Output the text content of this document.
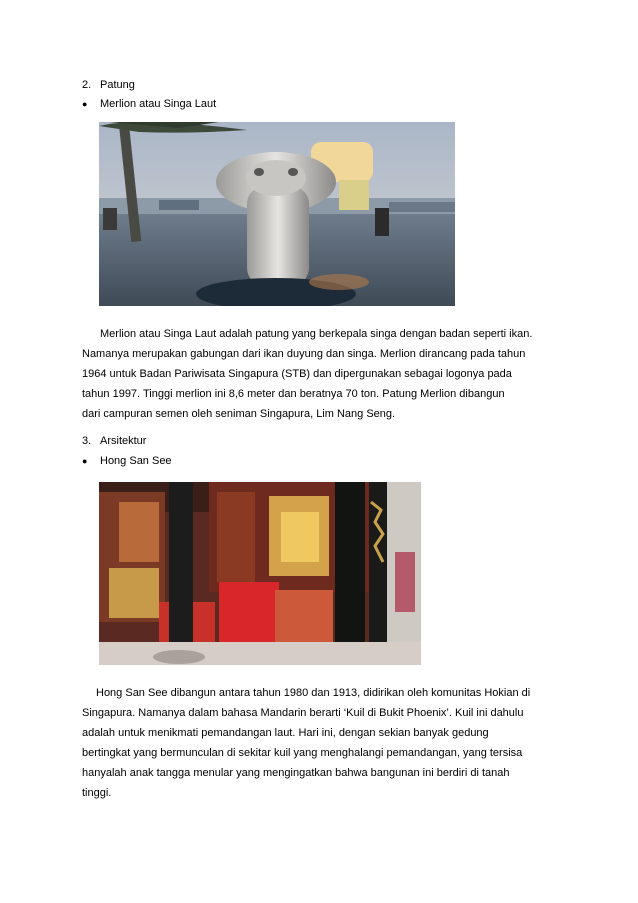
2. Patung
● Merlion atau Singa Laut
Merlion atau Singa Laut adalah patung yang berkepala singa dengan badan seperti ikan.
Namanya merupakan gabungan dari ikan duyung dan singa. Merlion dirancang pada tahun
1964 untuk Badan Pariwisata Singapura (STB) dan dipergunakan sebagai logonya pada
tahun 1997. Tinggi merlion ini 8,6 meter dan beratnya 70 ton. Patung Merlion dibangun
dari campuran semen oleh seniman Singapura, Lim Nang Seng.
3. Arsitektur
● Hong San See
Hong San See dibangun antara tahun 1980 dan 1913, didirikan oleh komunitas Hokian di
Singapura. Namanya dalam bahasa Mandarin berarti ‘Kuil di Bukit Phoenix’. Kuil ini dahulu
adalah untuk menikmati pemandangan laut. Hari ini, dengan sekian banyak gedung
bertingkat yang bermunculan di sekitar kuil yang menghalangi pemandangan, yang tersisa
hanyalah anak tangga menular yang mengingatkan bahwa bangunan ini berdiri di tanah
tinggi.
